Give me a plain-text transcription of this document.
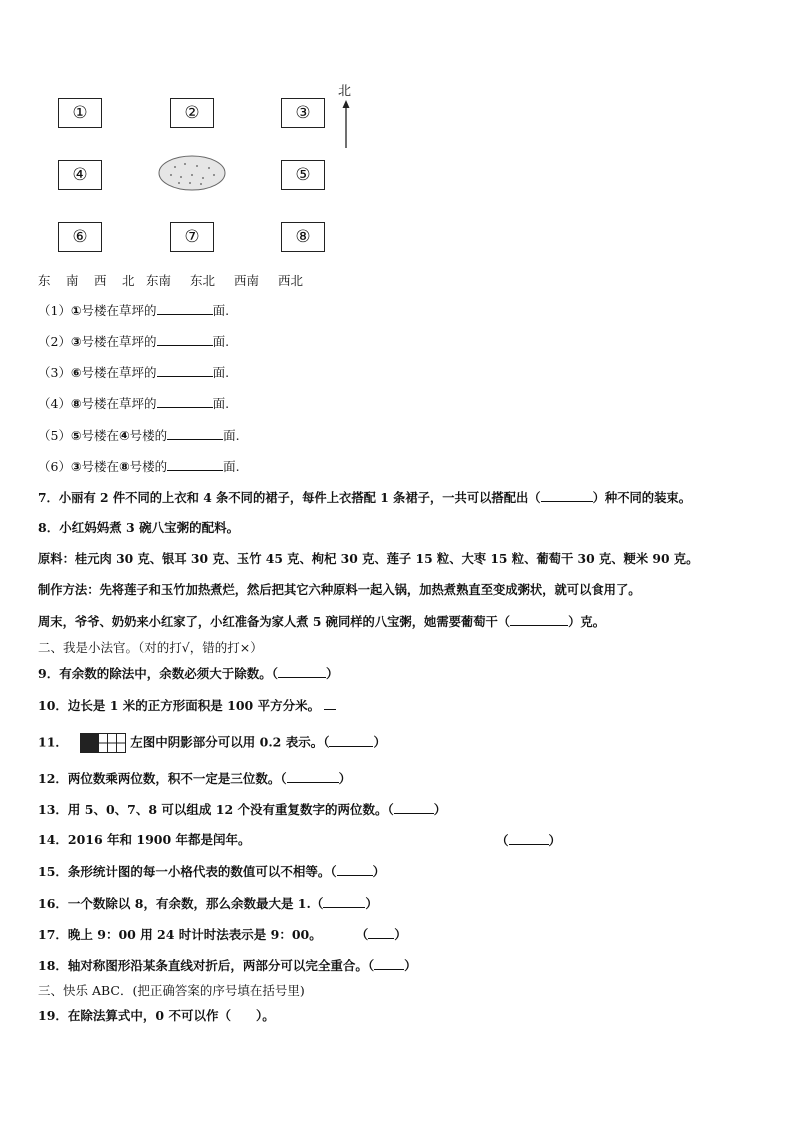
北
①	②	③
④	⑤
⑥	⑦	⑧
东 南 西 北 东南 东北 西南 西北
（1）①号楼在草坪的	面.
（2）③号楼在草坪的	面.
（3）⑥号楼在草坪的	面.
（4）⑧号楼在草坪的	面.
（5）⑤号楼在④号楼的	面.
（6）③号楼在⑧号楼的	面.
7．小丽有 2 件不同的上衣和 4 条不同的裙子，每件上衣搭配 1 条裙子，一共可以搭配出（	）种不同的装束。
8．小红妈妈煮 3 碗八宝粥的配料。
原料：桂元肉 30 克、银耳 30 克、玉竹 45 克、枸杞 30 克、莲子 15 粒、大枣 15 粒、葡萄干 30 克、粳米 90 克。
制作方法：先将莲子和玉竹加热煮烂，然后把其它六种原料一起入锅，加热煮熟直至变成粥状，就可以食用了。
周末，爷爷、奶奶来小红家了，小红准备为家人煮 5 碗同样的八宝粥，她需要葡萄干（	）克。
二、我是小法官。（对的打√，错的打×）
9．有余数的除法中，余数必须大于除数。（	）
10．边长是 1 米的正方形面积是 100 平方分米。
11．	左图中阴影部分可以用 0.2 表示。（	）
12．两位数乘两位数，积不一定是三位数。（	）
13．用 5、0、7、8 可以组成 12 个没有重复数字的两位数。（	）
14．2016 年和 1900 年都是闰年。	（	）
15．条形统计图的每一小格代表的数值可以不相等。（	）
16．一个数除以 8，有余数，那么余数最大是 1.（	）
17．晚上 9：00 用 24 时计时法表示是 9：00。	（ ）
18．轴对称图形沿某条直线对折后，两部分可以完全重合。（ ）
三、快乐 ABC．(把正确答案的序号填在括号里)
19．在除法算式中，0 不可以作（　　 ）。
